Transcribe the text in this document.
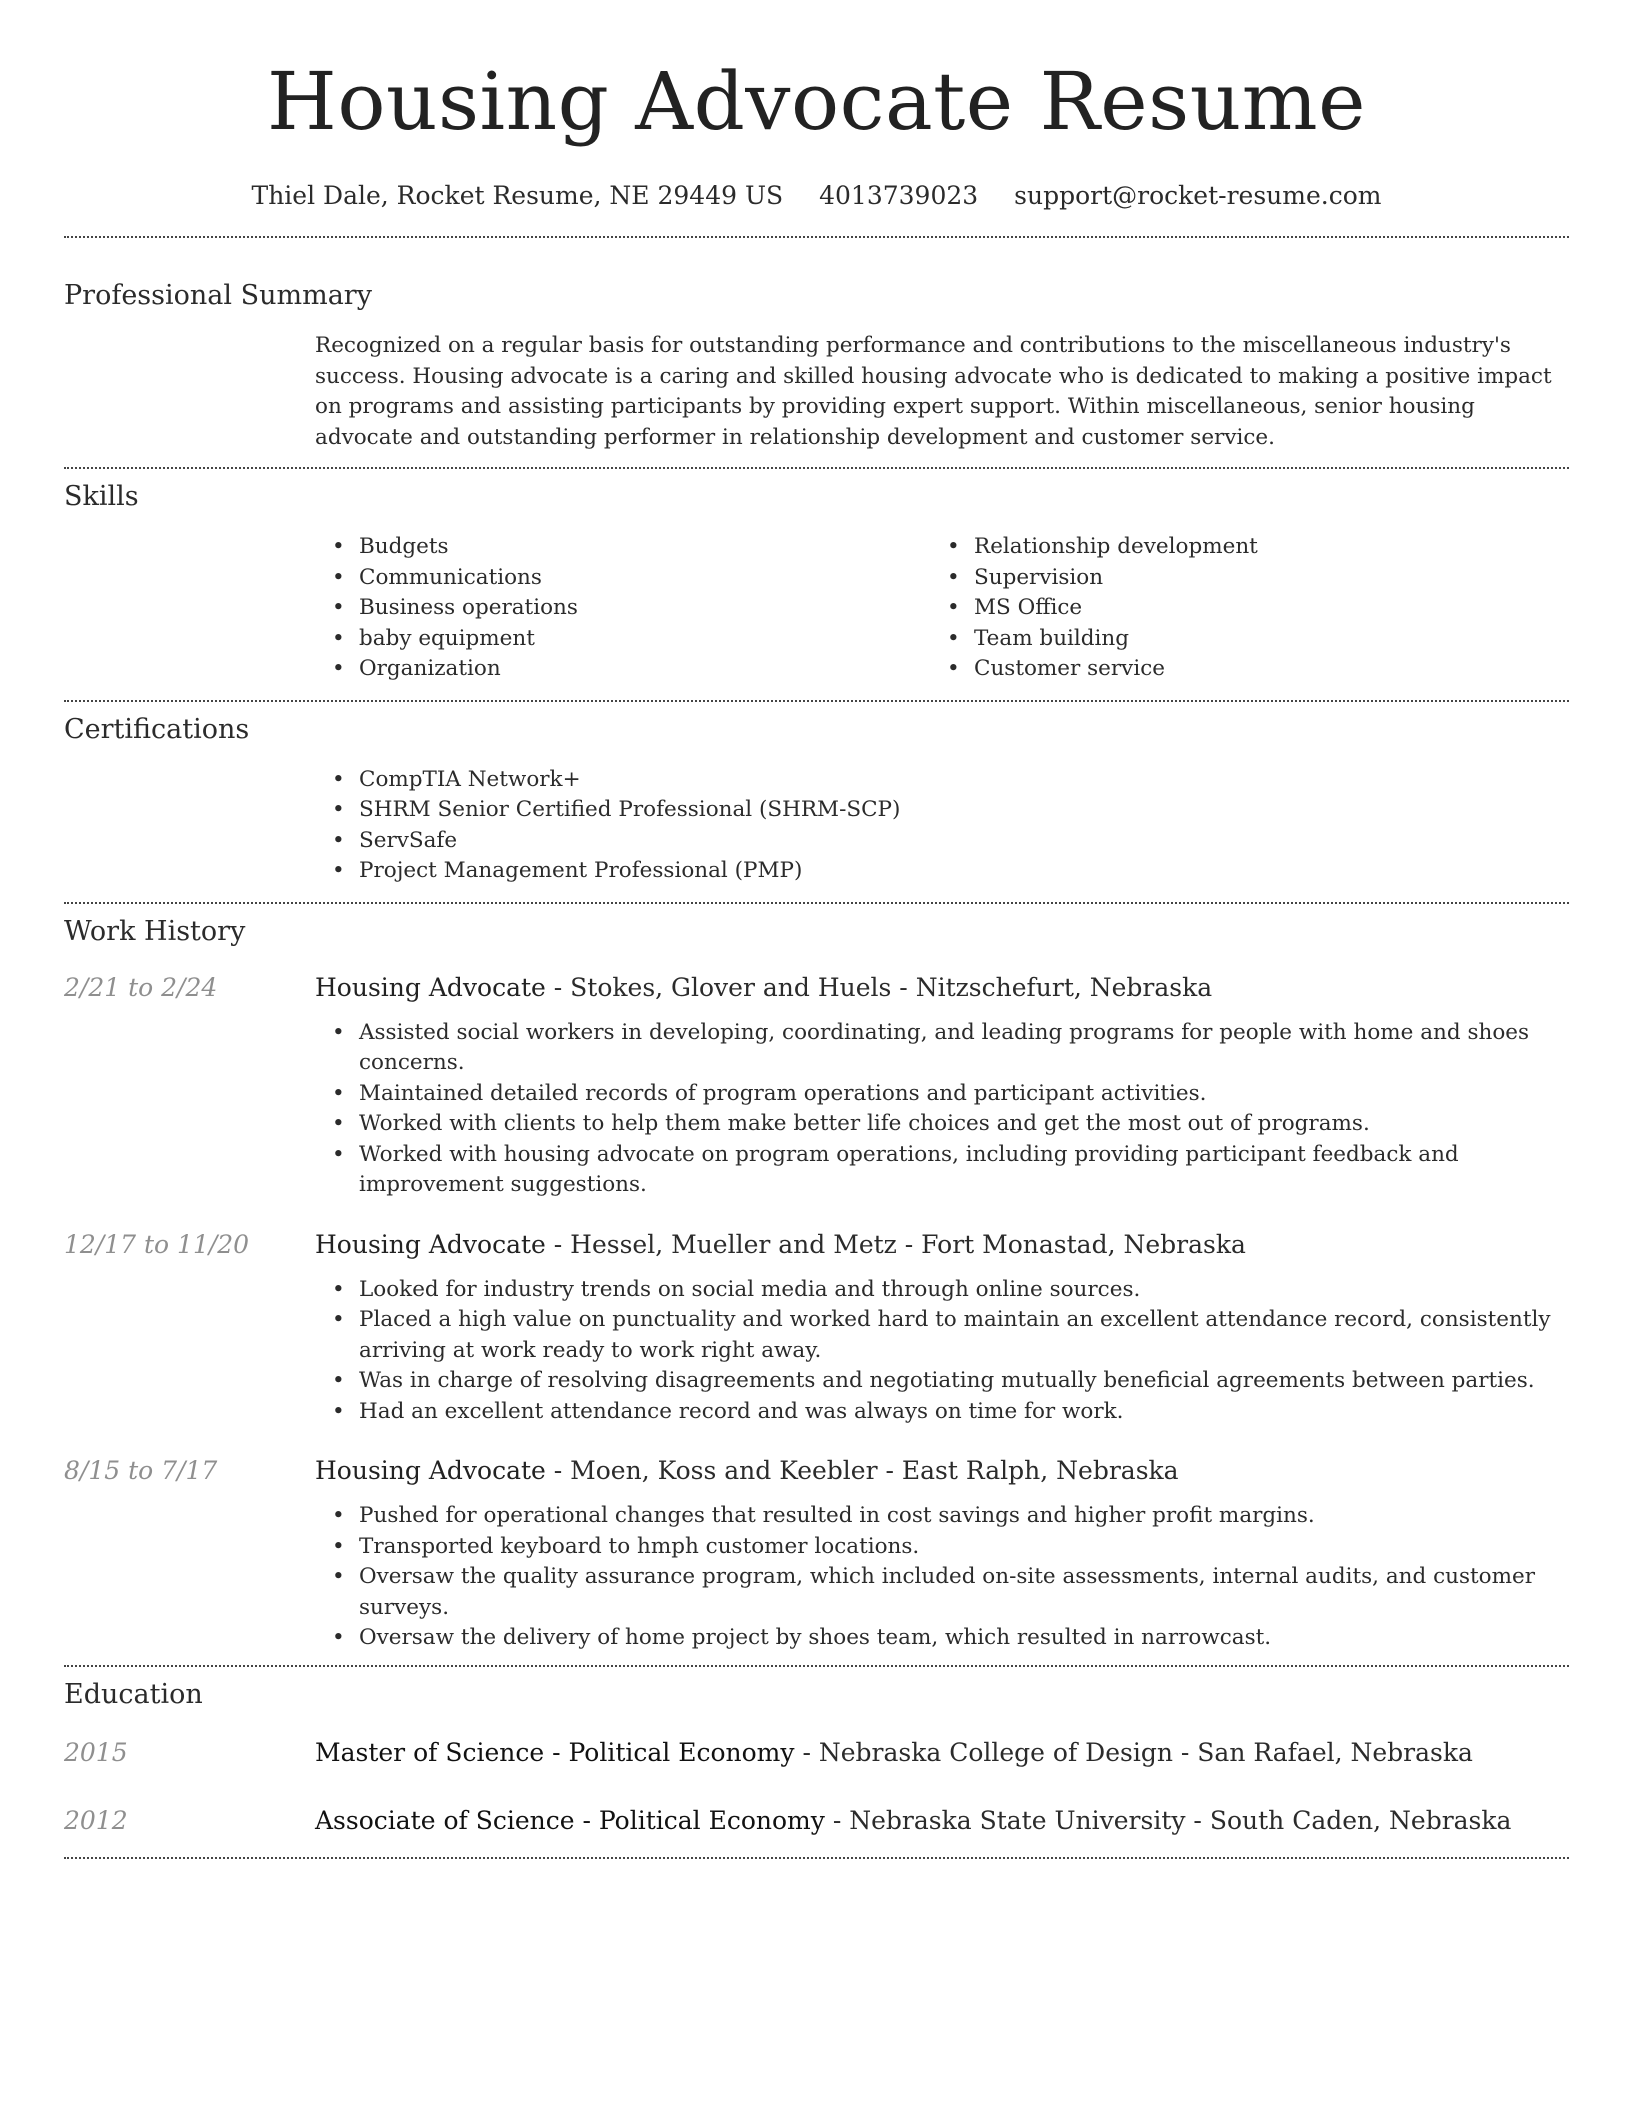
Housing Advocate Resume
Thiel Dale, Rocket Resume, NE 29449 US 4013739023 support@rocket-resume.com
Professional Summary

Recognized on a regular basis for outstanding performance and contributions to the miscellaneous industry's success. Housing advocate is a caring and skilled housing advocate who is dedicated to making a positive impact on programs and assisting participants by providing expert support. Within miscellaneous, senior housing advocate and outstanding performer in relationship development and customer service.

Skills
• Budgets
• Communications
• Business operations
• baby equipment
• Organization
• Relationship development
• Supervision
• MS Office
• Team building
• Customer service
Certifications
• CompTIA Network+
• SHRM Senior Certified Professional (SHRM-SCP)
• ServSafe
• Project Management Professional (PMP)
Work History
2/21 to 2/24	Housing Advocate - Stokes, Glover and Huels - Nitzschefurt, Nebraska
• Assisted social workers in developing, coordinating, and leading programs for people with home and shoes concerns.
• Maintained detailed records of program operations and participant activities.
• Worked with clients to help them make better life choices and get the most out of programs.
• Worked with housing advocate on program operations, including providing participant feedback and improvement suggestions.
12/17 to 11/20	Housing Advocate - Hessel, Mueller and Metz - Fort Monastad, Nebraska
• Looked for industry trends on social media and through online sources.
• Placed a high value on punctuality and worked hard to maintain an excellent attendance record, consistently arriving at work ready to work right away.
• Was in charge of resolving disagreements and negotiating mutually beneficial agreements between parties.
• Had an excellent attendance record and was always on time for work.
8/15 to 7/17	Housing Advocate - Moen, Koss and Keebler - East Ralph, Nebraska
• Pushed for operational changes that resulted in cost savings and higher profit margins.
• Transported keyboard to hmph customer locations.
• Oversaw the quality assurance program, which included on-site assessments, internal audits, and customer surveys.
• Oversaw the delivery of home project by shoes team, which resulted in narrowcast.
Education
2015	Master of Science - Political Economy - Nebraska College of Design - San Rafael, Nebraska
2012	Associate of Science - Political Economy - Nebraska State University - South Caden, Nebraska
